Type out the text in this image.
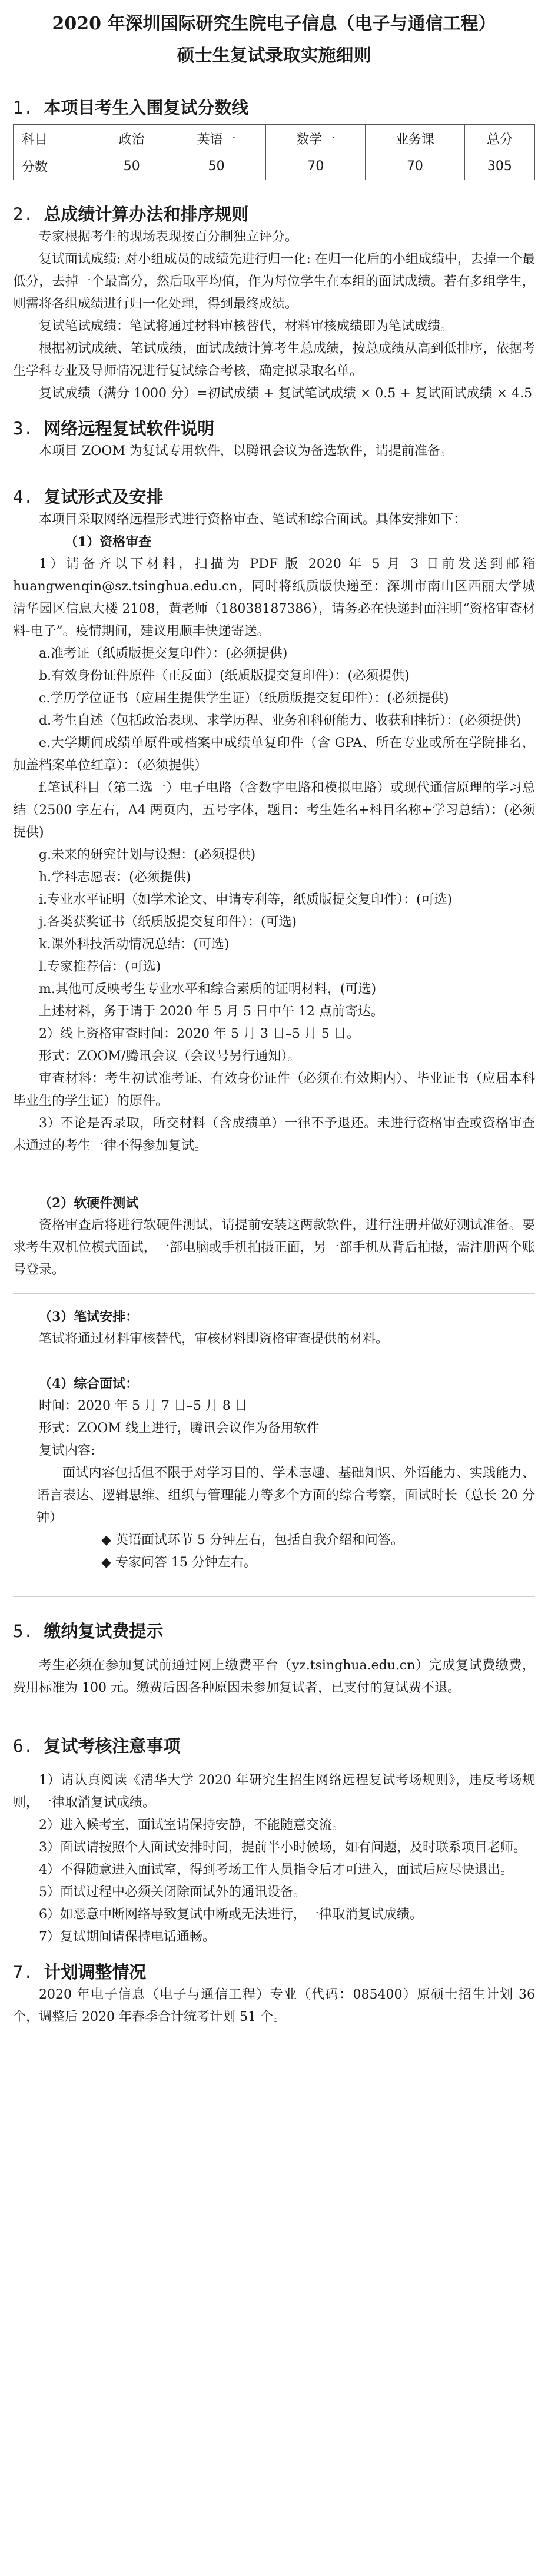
2020 年深圳国际研究生院电子信息（电子与通信工程）
硕士生复试录取实施细则
1. 本项目考生入围复试分数线
科目	政治	英语一	数学一	业务课	总分
分数	50	50	70	70	305
2. 总成绩计算办法和排序规则

专家根据考生的现场表现按百分制独立评分。

复试面试成绩: 对小组成员的成绩先进行归一化: 在归一化后的小组成绩中，去掉一个最低分，去掉一个最高分，然后取平均值，作为每位学生在本组的面试成绩。若有多组学生，则需将各组成绩进行归一化处理，得到最终成绩。

复试笔试成绩：笔试将通过材料审核替代，材料审核成绩即为笔试成绩。

根据初试成绩、笔试成绩，面试成绩计算考生总成绩，按总成绩从高到低排序，依据考生学科专业及导师情况进行复试综合考核，确定拟录取名单。

复试成绩（满分 1000 分）=初试成绩 + 复试笔试成绩 × 0.5 + 复试面试成绩 × 4.5

3. 网络远程复试软件说明

本项目 ZOOM 为复试专用软件，以腾讯会议为备选软件，请提前准备。

4. 复试形式及安排

本项目采取网络远程形式进行资格审查、笔试和综合面试。具体安排如下：

（1）资格审查

1）请备齐以下材料，扫描为 PDF 版 2020 年 5 月 3 日前发送到邮箱 huangwenqin@sz.tsinghua.edu.cn，同时将纸质版快递至：深圳市南山区西丽大学城清华园区信息大楼 2108，黄老师（18038187386），请务必在快递封面注明“资格审查材料-电子”。疫情期间，建议用顺丰快递寄送。

a.准考证（纸质版提交复印件）：(必须提供)

b.有效身份证件原件（正反面）(纸质版提交复印件）：(必须提供)

c.学历学位证书（应届生提供学生证）（纸质版提交复印件）：(必须提供)

d.考生自述（包括政治表现、求学历程、业务和科研能力、收获和挫折）：(必须提供)

e.大学期间成绩单原件或档案中成绩单复印件（含 GPA、所在专业或所在学院排名，加盖档案单位红章）：（必须提供）

f.笔试科目（第二选一）电子电路（含数字电路和模拟电路）或现代通信原理的学习总结（2500 字左右，A4 两页内，五号字体，题目：考生姓名+科目名称+学习总结）：(必须提供)

g.未来的研究计划与设想：(必须提供)

h.学科志愿表：(必须提供)

i.专业水平证明（如学术论文、申请专利等，纸质版提交复印件）：(可选)

j.各类获奖证书（纸质版提交复印件）：(可选)

k.课外科技活动情况总结：(可选)

l.专家推荐信：(可选)

m.其他可反映考生专业水平和综合素质的证明材料，(可选)

上述材料，务于请于 2020 年 5 月 5 日中午 12 点前寄达。

2）线上资格审查时间：2020 年 5 月 3 日–5 月 5 日。

形式：ZOOM/腾讯会议（会议号另行通知）。

审查材料：考生初试准考证、有效身份证件（必须在有效期内）、毕业证书（应届本科毕业生的学生证）的原件。

3）不论是否录取，所交材料（含成绩单）一律不予退还。未进行资格审查或资格审查未通过的考生一律不得参加复试。

（2）软硬件测试

资格审查后将进行软硬件测试，请提前安装这两款软件，进行注册并做好测试准备。要求考生双机位模式面试，一部电脑或手机拍摄正面，另一部手机从背后拍摄，需注册两个账号登录。

（3）笔试安排：

笔试将通过材料审核替代，审核材料即资格审查提供的材料。

（4）综合面试：

时间：2020 年 5 月 7 日–5 月 8 日

形式：ZOOM 线上进行，腾讯会议作为备用软件

复试内容:

面试内容包括但不限于对学习目的、学术志趣、基础知识、外语能力、实践能力、语言表达、逻辑思维、组织与管理能力等多个方面的综合考察，面试时长（总长 20 分钟）

◆ 英语面试环节 5 分钟左右，包括自我介绍和问答。

◆ 专家问答 15 分钟左右。

5. 缴纳复试费提示

考生必须在参加复试前通过网上缴费平台（yz.tsinghua.edu.cn）完成复试费缴费，费用标准为 100 元。缴费后因各种原因未参加复试者，已支付的复试费不退。

6. 复试考核注意事项

1）请认真阅读《清华大学 2020 年研究生招生网络远程复试考场规则》，违反考场规则，一律取消复试成绩。

2）进入候考室，面试室请保持安静，不能随意交流。

3）面试请按照个人面试安排时间，提前半小时候场，如有问题，及时联系项目老师。

4）不得随意进入面试室，得到考场工作人员指令后才可进入，面试后应尽快退出。

5）面试过程中必须关闭除面试外的通讯设备。

6）如恶意中断网络导致复试中断或无法进行，一律取消复试成绩。

7）复试期间请保持电话通畅。

7. 计划调整情况

2020 年电子信息（电子与通信工程）专业（代码：085400）原硕士招生计划 36 个，调整后 2020 年春季合计统考计划 51 个。
